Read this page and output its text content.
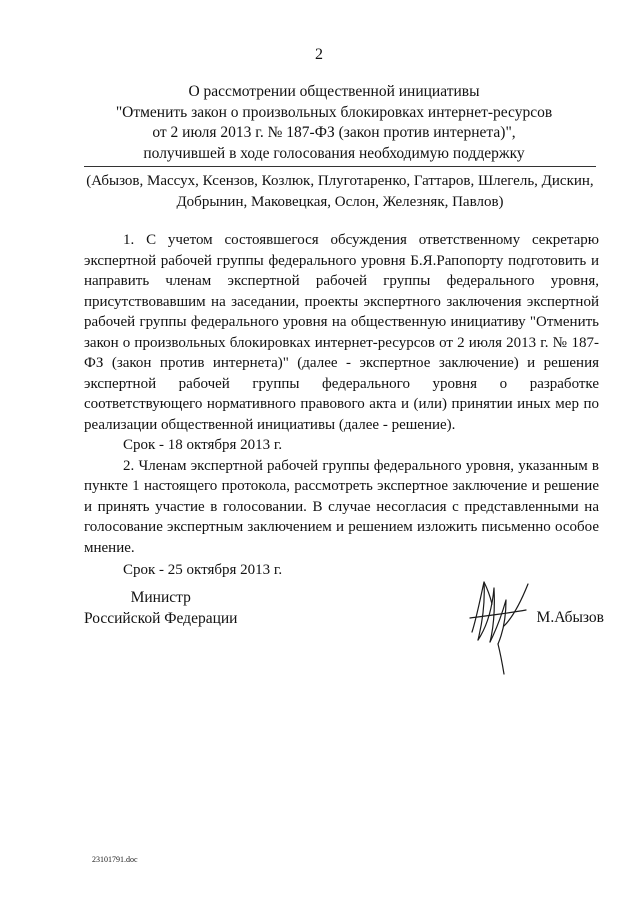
2
О рассмотрении общественной инициативы
"Отменить закон о произвольных блокировках интернет-ресурсов
от 2 июля 2013 г. № 187-ФЗ (закон против интернета)",
получившей в ходе голосования необходимую поддержку
(Абызов, Массух, Ксензов, Козлюк, Плуготаренко, Гаттаров, Шлегель, Дискин,
Добрынин, Маковецкая, Ослон, Железняк, Павлов)

1. С учетом состоявшегося обсуждения ответственному секретарю экспертной рабочей группы федерального уровня Б.Я.Рапопорту подготовить и направить членам экспертной рабочей группы федерального уровня, присутствовавшим на заседании, проекты экспертного заключения экспертной рабочей группы федерального уровня на общественную инициативу "Отменить закон о произвольных блокировках интернет-ресурсов от 2 июля 2013 г. № 187-ФЗ (закон против интернета)" (далее - экспертное заключение) и решения экспертной рабочей группы федерального уровня о разработке соответствующего нормативного правового акта и (или) принятии иных мер по реализации общественной инициативы (далее - решение).

Срок - 18 октября 2013 г.

2. Членам экспертной рабочей группы федерального уровня, указанным в пункте 1 настоящего протокола, рассмотреть экспертное заключение и решение и принять участие в голосовании. В случае несогласия с представленными на голосование экспертным заключением и решением изложить письменно особое мнение.

Срок - 25 октября 2013 г.

Министр
Российской Федерации	М.Абызов
23101791.doc
